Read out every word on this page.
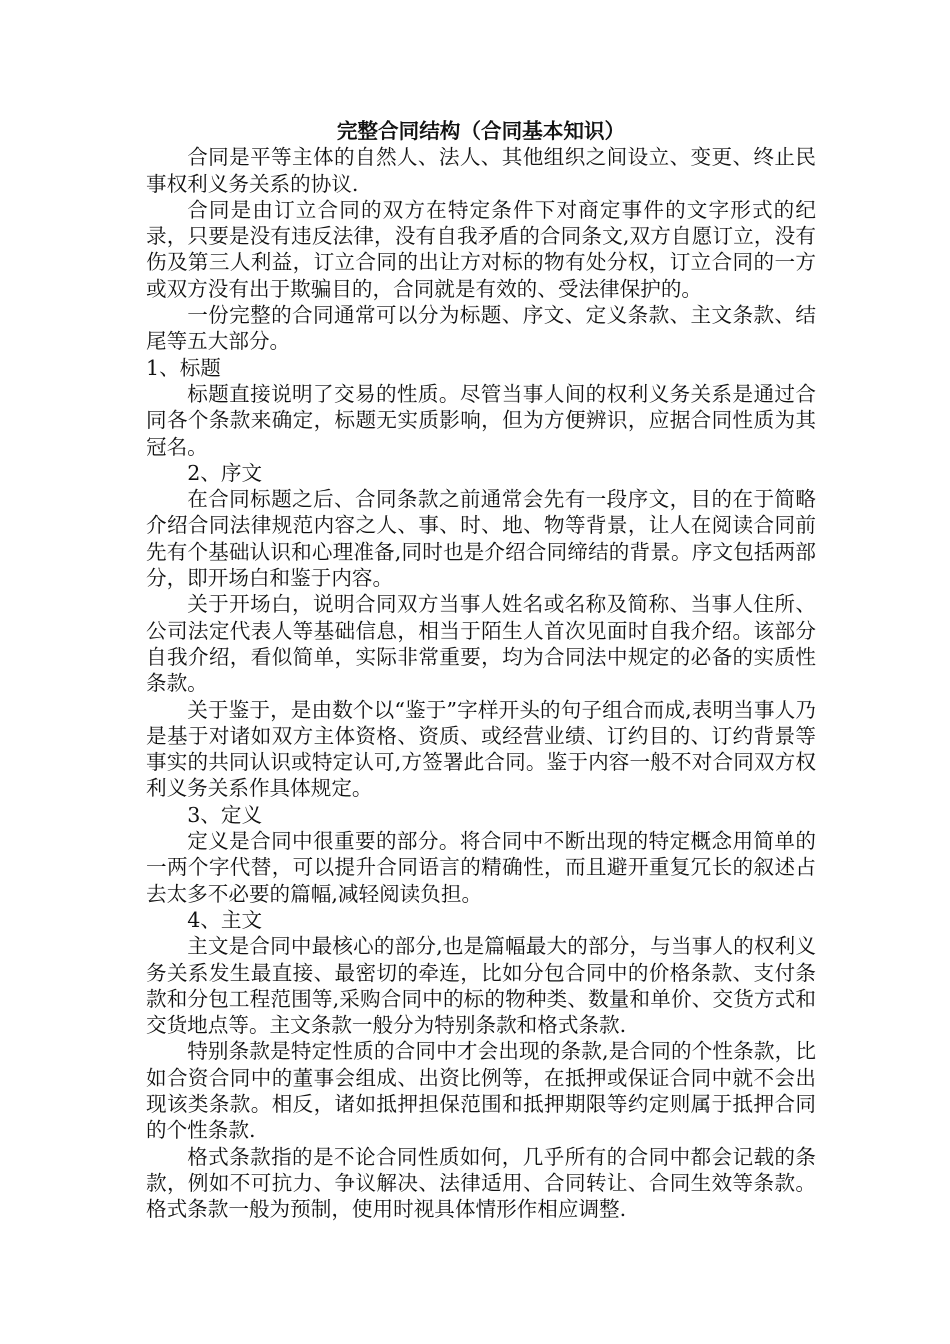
完整合同结构（合同基本知识）

合同是平等主体的自然人、法人、其他组织之间设立、变更、终止民事权利义务关系的协议.

合同是由订立合同的双方在特定条件下对商定事件的文字形式的纪录，只要是没有违反法律，没有自我矛盾的合同条文,双方自愿订立，没有伤及第三人利益，订立合同的出让方对标的物有处分权，订立合同的一方或双方没有出于欺骗目的，合同就是有效的、受法律保护的。

一份完整的合同通常可以分为标题、序文、定义条款、主文条款、结尾等五大部分。

1、标题

标题直接说明了交易的性质。尽管当事人间的权利义务关系是通过合同各个条款来确定，标题无实质影响，但为方便辨识，应据合同性质为其冠名。

2、序文

在合同标题之后、合同条款之前通常会先有一段序文，目的在于简略介绍合同法律规范内容之人、事、时、地、物等背景，让人在阅读合同前先有个基础认识和心理准备,同时也是介绍合同缔结的背景。序文包括两部分，即开场白和鉴于内容。

关于开场白，说明合同双方当事人姓名或名称及简称、当事人住所、公司法定代表人等基础信息，相当于陌生人首次见面时自我介绍。该部分自我介绍，看似简单，实际非常重要，均为合同法中规定的必备的实质性条款。

关于鉴于，是由数个以“鉴于”字样开头的句子组合而成,表明当事人乃是基于对诸如双方主体资格、资质、或经营业绩、订约目的、订约背景等事实的共同认识或特定认可,方签署此合同。鉴于内容一般不对合同双方权利义务关系作具体规定。

3、定义

定义是合同中很重要的部分。将合同中不断出现的特定概念用简单的一两个字代替，可以提升合同语言的精确性，而且避开重复冗长的叙述占去太多不必要的篇幅,减轻阅读负担。

4、主文

主文是合同中最核心的部分,也是篇幅最大的部分，与当事人的权利义务关系发生最直接、最密切的牵连，比如分包合同中的价格条款、支付条款和分包工程范围等,采购合同中的标的物种类、数量和单价、交货方式和交货地点等。主文条款一般分为特别条款和格式条款.

特别条款是特定性质的合同中才会出现的条款,是合同的个性条款，比如合资合同中的董事会组成、出资比例等，在抵押或保证合同中就不会出现该类条款。相反，诸如抵押担保范围和抵押期限等约定则属于抵押合同的个性条款.

格式条款指的是不论合同性质如何，几乎所有的合同中都会记载的条款，例如不可抗力、争议解决、法律适用、合同转让、合同生效等条款。格式条款一般为预制，使用时视具体情形作相应调整.
